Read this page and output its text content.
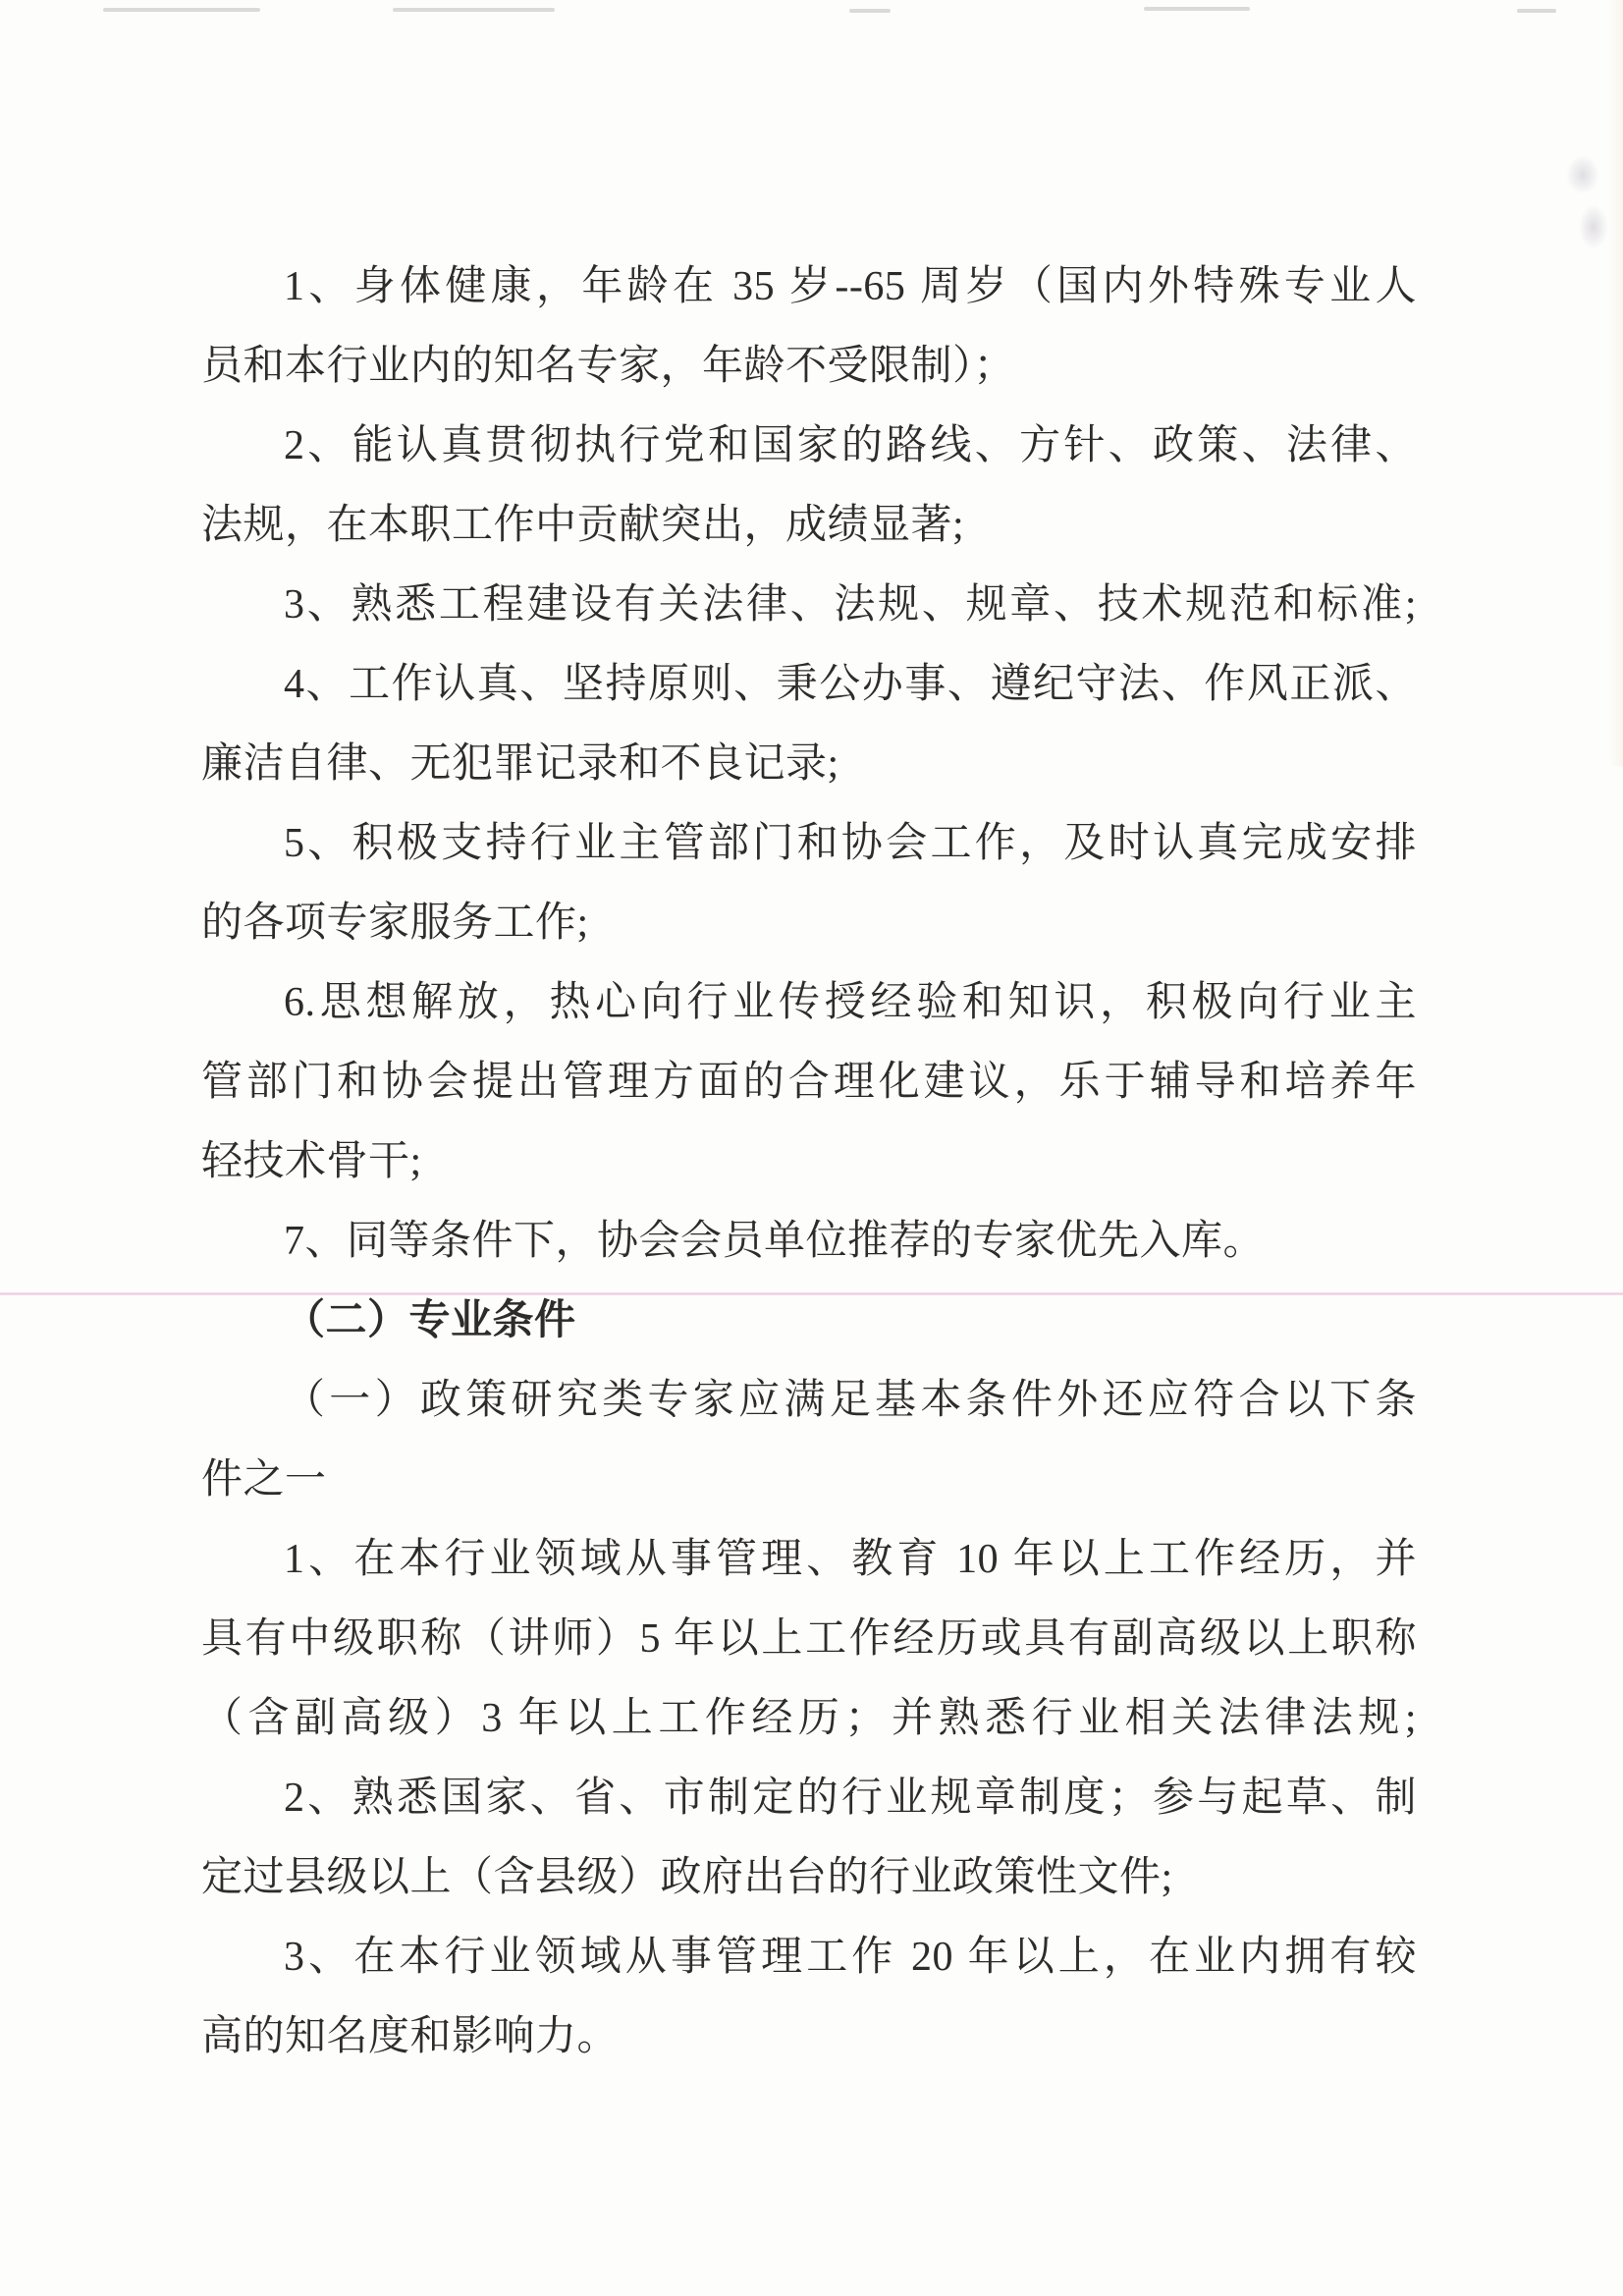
1、身体健康，年龄在 35 岁--65 周岁（国内外特殊专业人
员和本行业内的知名专家，年龄不受限制）；
2、能认真贯彻执行党和国家的路线、方针、政策、法律、
法规，在本职工作中贡献突出，成绩显著;
3、熟悉工程建设有关法律、法规、规章、技术规范和标准;
4、工作认真、坚持原则、秉公办事、遵纪守法、作风正派、
廉洁自律、无犯罪记录和不良记录;
5、积极支持行业主管部门和协会工作，及时认真完成安排
的各项专家服务工作;
6.思想解放，热心向行业传授经验和知识，积极向行业主
管部门和协会提出管理方面的合理化建议，乐于辅导和培养年
轻技术骨干;
7、同等条件下，协会会员单位推荐的专家优先入库。
（二）专业条件
（一）政策研究类专家应满足基本条件外还应符合以下条
件之一
1、在本行业领域从事管理、教育 10 年以上工作经历，并
具有中级职称（讲师）5 年以上工作经历或具有副高级以上职称
（含副高级）3 年以上工作经历；并熟悉行业相关法律法规;
2、熟悉国家、省、市制定的行业规章制度；参与起草、制
定过县级以上（含县级）政府出台的行业政策性文件;
3、在本行业领域从事管理工作 20 年以上，在业内拥有较
高的知名度和影响力。
